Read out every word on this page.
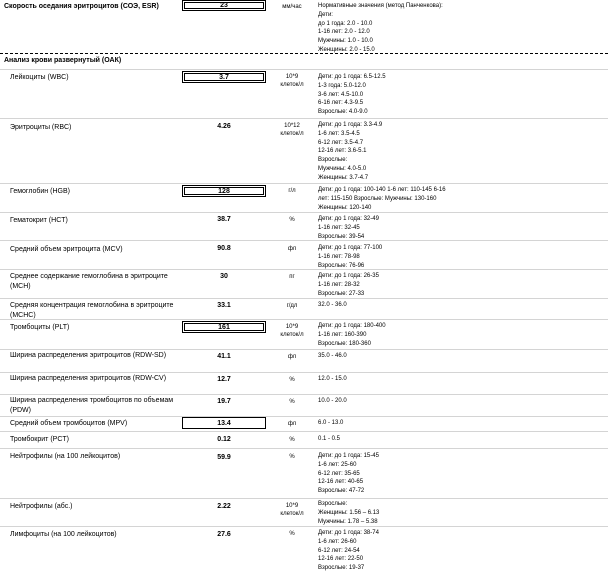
Скорость оседания эритроцитов (СОЭ, ESR)	23	мм/час	Нормативные значения (метод Панченкова):
Дети:
до 1 года: 2.0 - 10.0
1-16 лет: 2.0 - 12.0
Мужчины: 1.0 - 10.0
Женщины: 2.0 - 15.0
Анализ крови развернутый (ОАК)
Лейкоциты (WBC)	3.7	10*9 клеток/л
Дети: до 1 года: 6.5-12.5
1-3 года: 5.0-12.0
3-6 лет: 4.5-10.0
6-16 лет: 4.3-9.5
Взрослые: 4.0-9.0
Эритроциты (RBC)	4.26	10*12 клеток/л
Дети: до 1 года: 3.3-4.9
1-6 лет: 3.5-4.5
6-12 лет: 3.5-4.7
12-16 лет: 3.6-5.1
Взрослые:
Мужчины: 4.0-5.0
Женщины: 3.7-4.7
Гемоглобин (HGB)	128	г/л	Дети: до 1 года: 100-140 1-6 лет: 110-145 6-16
лет: 115-150 Взрослые: Мужчины: 130-160
Женщины: 120-140
Гематокрит (HCT)	38.7	%	Дети: до 1 года: 32-49
1-16 лет: 32-45
Взрослые: 39-54
Средний объем эритроцита (MCV)	90.8	фл	Дети: до 1 года: 77-100
1-16 лет: 78-98
Взрослые: 76-96
Среднее содержание гемоглобина в эритроците (MCH)
30	пг	Дети: до 1 года: 26-35
1-16 лет: 28-32
Взрослые: 27-33
Средняя концентрация гемоглобина в эритроците (MCHC)
33.1	г/дл	32.0 - 36.0
Тромбоциты (PLT)	161	10*9 клеток/л
Дети: до 1 года: 180-400
1-16 лет: 160-390
Взрослые: 180-360
Ширина распределения эритроцитов (RDW-SD)	41.1	фл	35.0 - 46.0
Ширина распределения эритроцитов (RDW-CV)	12.7	%	12.0 - 15.0
Ширина распределения тромбоцитов по объемам (PDW)
19.7	%	10.0 - 20.0
Средний объем тромбоцитов (MPV)	13.4	фл	6.0 - 13.0
Тромбокрит (PCT)	0.12	%	0.1 - 0.5
Нейтрофилы (на 100 лейкоцитов)	59.9	%	Дети: до 1 года: 15-45
1-6 лет: 25-60
6-12 лет: 35-65
12-16 лет: 40-65
Взрослые: 47-72
Нейтрофилы (абс.)	2.22	10*9 клеток/л
Взрослые:
Женщины: 1.56 – 6.13
Мужчины: 1.78 – 5.38
Лимфоциты (на 100 лейкоцитов)	27.6	%	Дети: до 1 года: 38-74
1-6 лет: 26-60
6-12 лет: 24-54
12-16 лет: 22-50
Взрослые: 19-37
